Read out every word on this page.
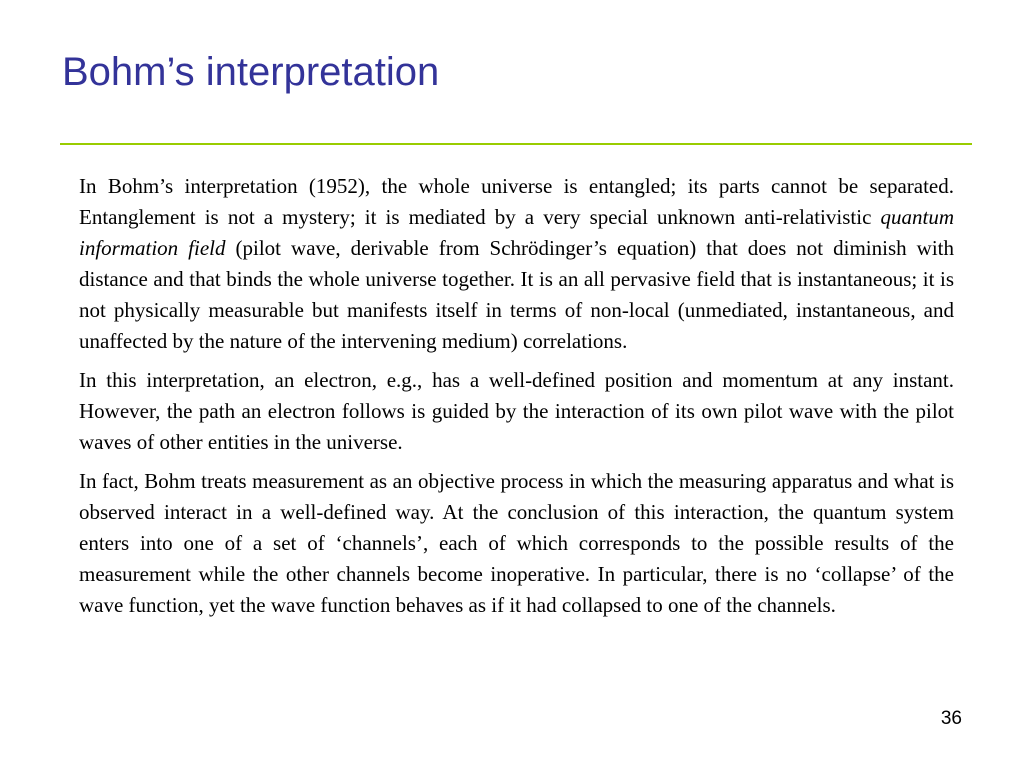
Bohm’s interpretation

In Bohm’s interpretation (1952), the whole universe is entangled; its parts cannot be separated. Entanglement is not a mystery; it is mediated by a very special unknown anti-relativistic quantum information field (pilot wave, derivable from Schrödinger’s equation) that does not diminish with distance and that binds the whole universe together. It is an all pervasive field that is instantaneous; it is not physically measurable but manifests itself in terms of non-local (unmediated, instantaneous, and unaffected by the nature of the intervening medium) correlations.

In this interpretation, an electron, e.g., has a well-defined position and momentum at any instant. However, the path an electron follows is guided by the interaction of its own pilot wave with the pilot waves of other entities in the universe.

In fact, Bohm treats measurement as an objective process in which the measuring apparatus and what is observed interact in a well-defined way. At the conclusion of this interaction, the quantum system enters into one of a set of ‘channels’, each of which corresponds to the possible results of the measurement while the other channels become inoperative. In particular, there is no ‘collapse’ of the wave function, yet the wave function behaves as if it had collapsed to one of the channels.

36
